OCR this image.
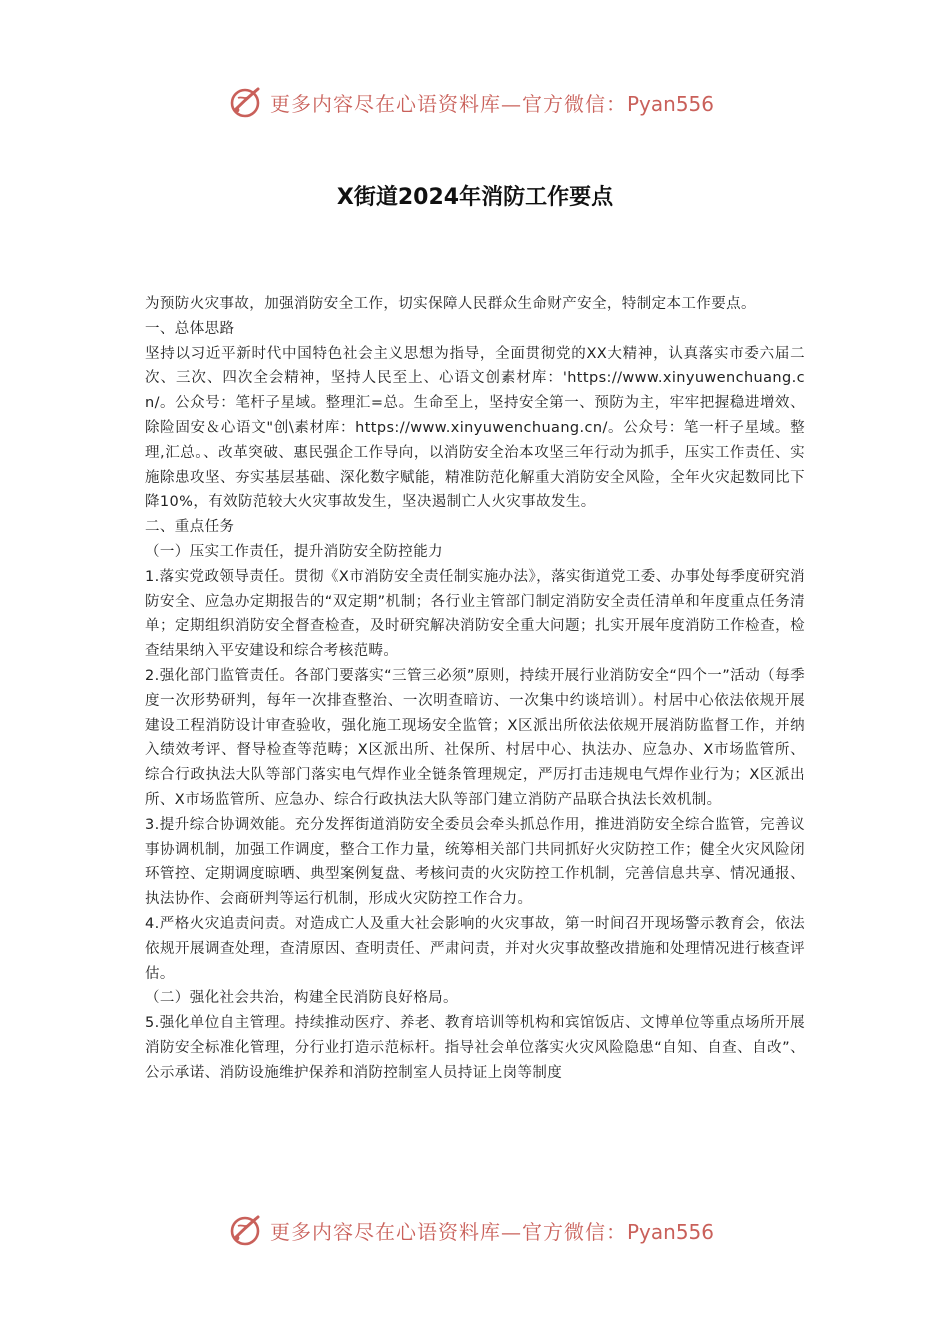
更多内容尽在心语资料库—官方微信：Pyan556
X街道2024年消防工作要点

为预防火灾事故，加强消防安全工作，切实保障人民群众生命财产安全，特制定本工作要点。

一、总体思路

坚持以习近平新时代中国特色社会主义思想为指导，全面贯彻党的XX大精神，认真落实市委六届二次、三次、四次全会精神，坚持人民至上、心语文创素材库：'https://www.xinyuwenchuang.cn/。公众号：笔杆子星域。整理汇=总。生命至上，坚持安全第一、预防为主，牢牢把握稳进增效、除险固安＆心语文"创\素材库：https://www.xinyuwenchuang.cn/。公众号：笔一杆子星域。整理,汇总。、改革突破、惠民强企工作导向，以消防安全治本攻坚三年行动为抓手，压实工作责任、实施除患攻坚、夯实基层基础、深化数字赋能，精准防范化解重大消防安全风险，全年火灾起数同比下降10%，有效防范较大火灾事故发生，坚决遏制亡人火灾事故发生。

二、重点任务

（一）压实工作责任，提升消防安全防控能力

1.落实党政领导责任。贯彻《X市消防安全责任制实施办法》，落实街道党工委、办事处每季度研究消防安全、应急办定期报告的“双定期”机制；各行业主管部门制定消防安全责任清单和年度重点任务清单；定期组织消防安全督查检查，及时研究解决消防安全重大问题；扎实开展年度消防工作检查，检查结果纳入平安建设和综合考核范畴。

2.强化部门监管责任。各部门要落实“三管三必须”原则，持续开展行业消防安全“四个一”活动（每季度一次形势研判，每年一次排查整治、一次明查暗访、一次集中约谈培训）。村居中心依法依规开展建设工程消防设计审查验收，强化施工现场安全监管；X区派出所依法依规开展消防监督工作，并纳入绩效考评、督导检查等范畴；X区派出所、社保所、村居中心、执法办、应急办、X市场监管所、综合行政执法大队等部门落实电气焊作业全链条管理规定，严厉打击违规电气焊作业行为；X区派出所、X市场监管所、应急办、综合行政执法大队等部门建立消防产品联合执法长效机制。

3.提升综合协调效能。充分发挥街道消防安全委员会牵头抓总作用，推进消防安全综合监管，完善议事协调机制，加强工作调度，整合工作力量，统筹相关部门共同抓好火灾防控工作；健全火灾风险闭环管控、定期调度晾晒、典型案例复盘、考核问责的火灾防控工作机制，完善信息共享、情况通报、执法协作、会商研判等运行机制，形成火灾防控工作合力。

4.严格火灾追责问责。对造成亡人及重大社会影响的火灾事故，第一时间召开现场警示教育会，依法依规开展调查处理，查清原因、查明责任、严肃问责，并对火灾事故整改措施和处理情况进行核查评估。

（二）强化社会共治，构建全民消防良好格局。

5.强化单位自主管理。持续推动医疗、养老、教育培训等机构和宾馆饭店、文博单位等重点场所开展消防安全标准化管理，分行业打造示范标杆。指导社会单位落实火灾风险隐患“自知、自查、自改”、公示承诺、消防设施维护保养和消防控制室人员持证上岗等制度

更多内容尽在心语资料库—官方微信：Pyan556
